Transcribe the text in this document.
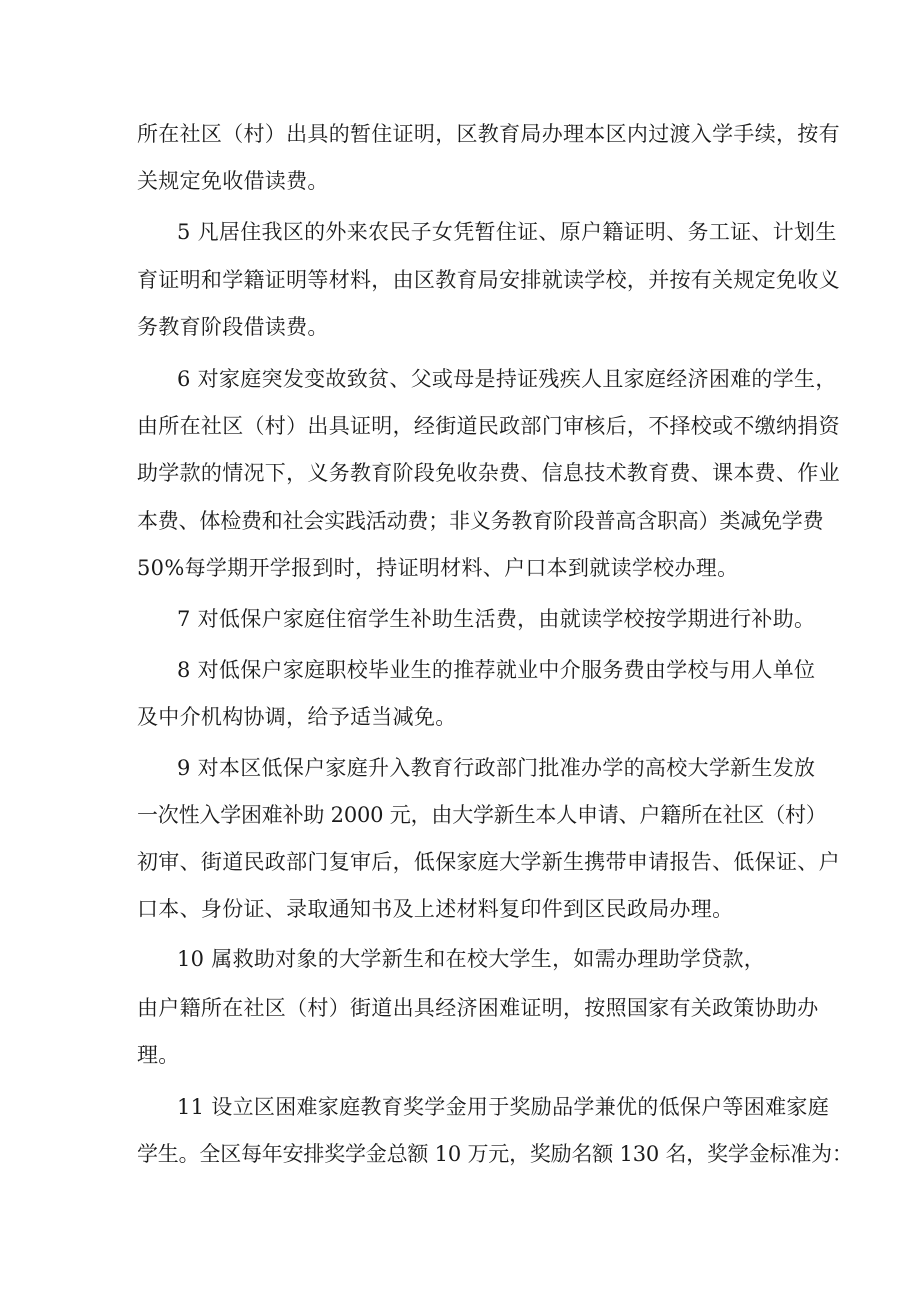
所在社区（村）出具的暂住证明，区教育局办理本区内过渡入学手续，按有
关规定免收借读费。
5 凡居住我区的外来农民子女凭暂住证、原户籍证明、务工证、计划生
育证明和学籍证明等材料，由区教育局安排就读学校，并按有关规定免收义
务教育阶段借读费。
6 对家庭突发变故致贫、父或母是持证残疾人且家庭经济困难的学生，
由所在社区（村）出具证明，经街道民政部门审核后，不择校或不缴纳捐资
助学款的情况下，义务教育阶段免收杂费、信息技术教育费、课本费、作业
本费、体检费和社会实践活动费；非义务教育阶段普高含职高）类减免学费
50%每学期开学报到时，持证明材料、户口本到就读学校办理。
7 对低保户家庭住宿学生补助生活费，由就读学校按学期进行补助。
8 对低保户家庭职校毕业生的推荐就业中介服务费由学校与用人单位
及中介机构协调，给予适当减免。
9 对本区低保户家庭升入教育行政部门批准办学的高校大学新生发放
一次性入学困难补助 2000 元，由大学新生本人申请、户籍所在社区（村）
初审、街道民政部门复审后，低保家庭大学新生携带申请报告、低保证、户
口本、身份证、录取通知书及上述材料复印件到区民政局办理。
10 属救助对象的大学新生和在校大学生，如需办理助学贷款，
由户籍所在社区（村）街道出具经济困难证明，按照国家有关政策协助办
理。
11 设立区困难家庭教育奖学金用于奖励品学兼优的低保户等困难家庭
学生。全区每年安排奖学金总额 10 万元，奖励名额 130 名，奖学金标准为：
